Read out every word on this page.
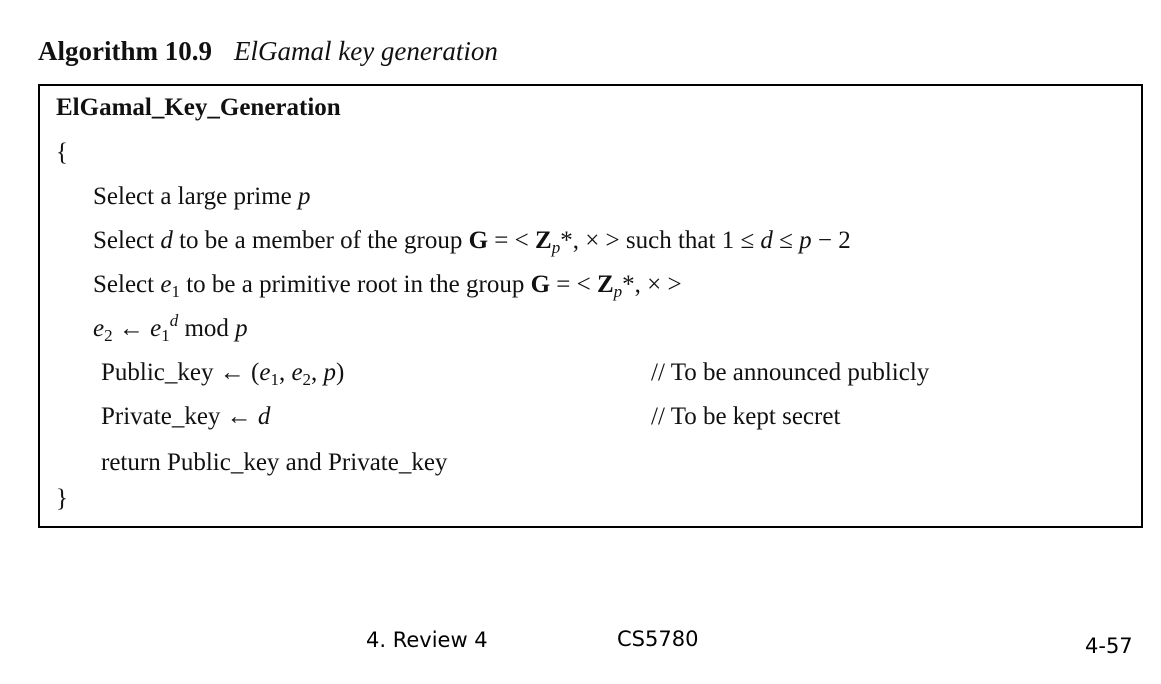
Algorithm 10.9 ElGamal key generation
ElGamal_Key_Generation
{
Select a large prime p
Select d to be a member of the group G = < $Z_p*$, × > such that 1 ≤ d ≤ p − 2
Select $e_1$ to be a primitive root in the group G = < $Z_p*$, × >
$e_2$ ← $e_1^d$ mod p
Public_key ← ($e_1$, $e_2$, p)	// To be announced publicly
Private_key ← d	// To be kept secret
return Public_key and Private_key
}
4. Review 4	CS5780	4-57
